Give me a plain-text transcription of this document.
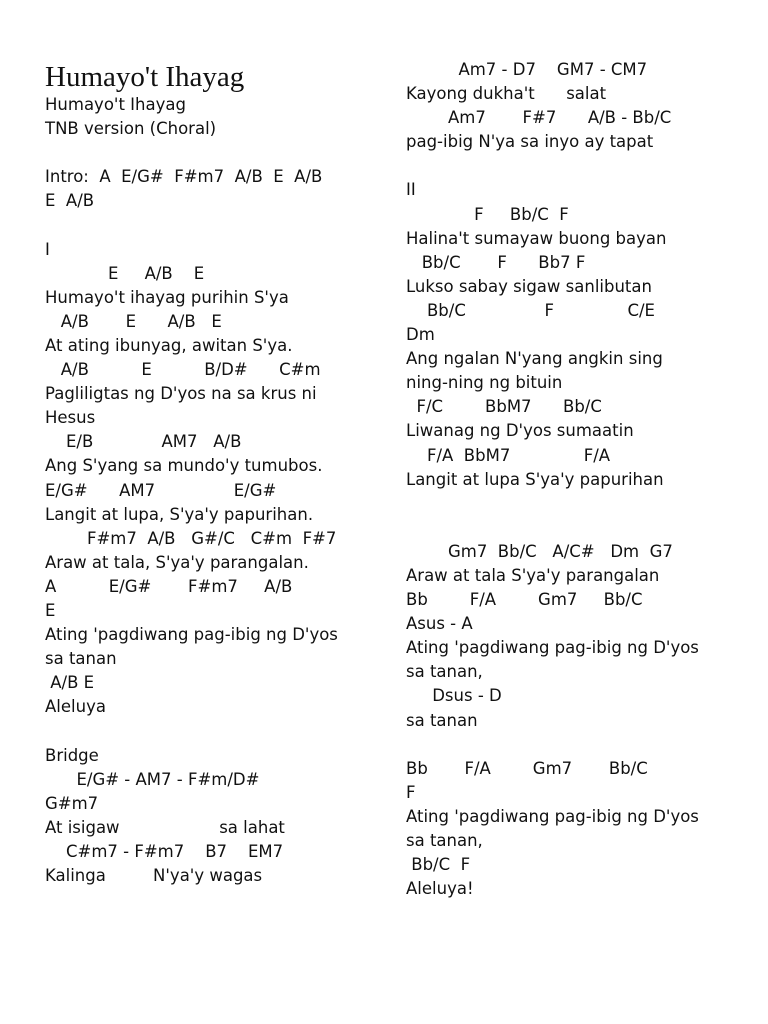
Humayo't Ihayag
Humayo't Ihayag
TNB version (Choral)
Intro:  A  E/G#  F#m7  A/B  E  A/B
E  A/B
I
E     A/B    E
Humayo't ihayag purihin S'ya
A/B       E      A/B   E
At ating ibunyag, awitan S'ya.
A/B          E          B/D#      C#m
Pagliligtas ng D'yos na sa krus ni
Hesus
E/B             AM7   A/B
Ang S'yang sa mundo'y tumubos.
E/G#      AM7               E/G#
Langit at lupa, S'ya'y papurihan.
F#m7  A/B   G#/C   C#m  F#7
Araw at tala, S'ya'y parangalan.
A          E/G#       F#m7     A/B
E
Ating 'pagdiwang pag-ibig ng D'yos
sa tanan
A/B E
Aleluya
Bridge
E/G# - AM7 - F#m/D#
G#m7
At isigaw                   sa lahat
C#m7 - F#m7    B7    EM7
Kalinga         N'ya'y wagas
Am7 - D7    GM7 - CM7
Kayong dukha't      salat
Am7       F#7      A/B - Bb/C
pag-ibig N'ya sa inyo ay tapat
II
F     Bb/C  F
Halina't sumayaw buong bayan
Bb/C       F      Bb7 F
Lukso sabay sigaw sanlibutan
Bb/C               F              C/E
Dm
Ang ngalan N'yang angkin sing
ning-ning ng bituin
F/C        BbM7      Bb/C
Liwanag ng D'yos sumaatin
F/A  BbM7              F/A
Langit at lupa S'ya'y papurihan
Gm7  Bb/C   A/C#   Dm  G7
Araw at tala S'ya'y parangalan
Bb        F/A        Gm7     Bb/C
Asus - A
Ating 'pagdiwang pag-ibig ng D'yos
sa tanan,
Dsus - D
sa tanan
Bb       F/A        Gm7       Bb/C
F
Ating 'pagdiwang pag-ibig ng D'yos
sa tanan,
Bb/C  F
Aleluya!
